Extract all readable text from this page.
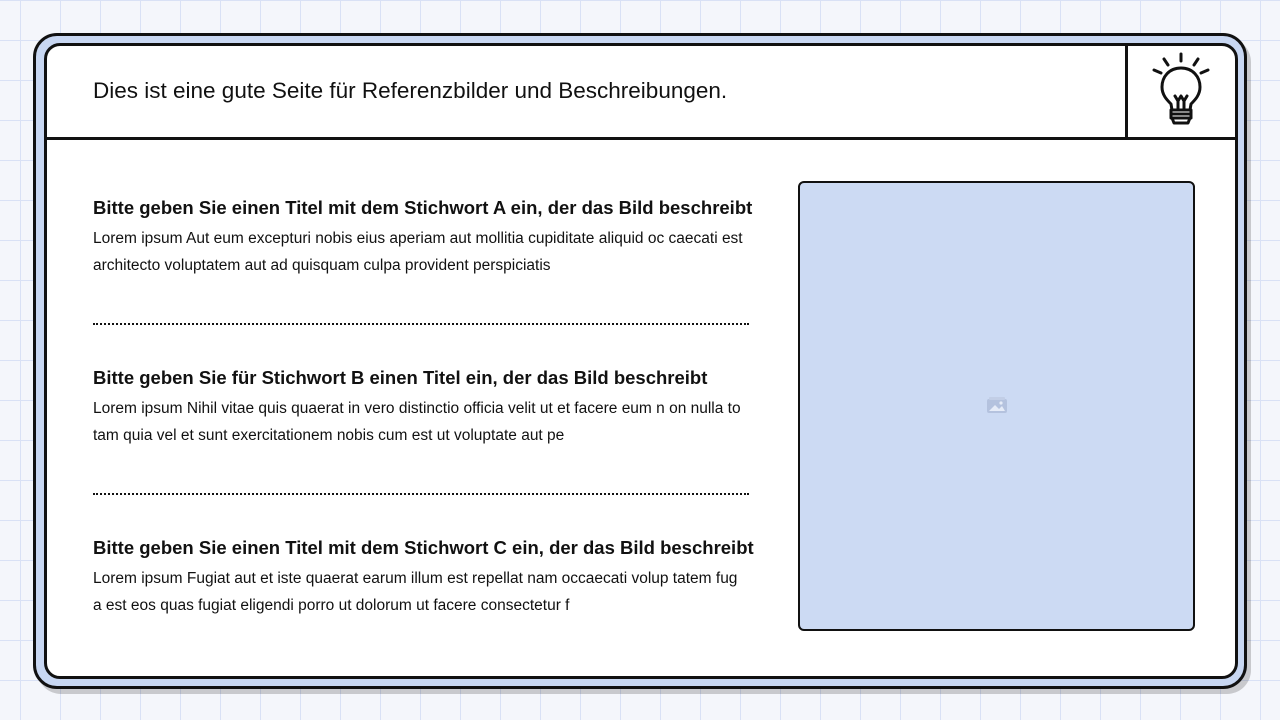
Dies ist eine gute Seite für Referenzbilder und Beschreibungen.
Bitte geben Sie einen Titel mit dem Stichwort A ein, der das Bild beschreibt
Lorem ipsum Aut eum excepturi nobis eius aperiam aut mollitia cupiditate aliquid oc caecati est architecto voluptatem aut ad quisquam culpa provident perspiciatis
Bitte geben Sie für Stichwort B einen Titel ein, der das Bild beschreibt
Lorem ipsum Nihil vitae quis quaerat in vero distinctio officia velit ut et facere eum n on nulla totam quia vel et sunt exercitationem nobis cum est ut voluptate aut pe
Bitte geben Sie einen Titel mit dem Stichwort C ein, der das Bild beschreibt
Lorem ipsum Fugiat aut et iste quaerat earum illum est repellat nam occaecati volup tatem fuga est eos quas fugiat eligendi porro ut dolorum ut facere consectetur f
